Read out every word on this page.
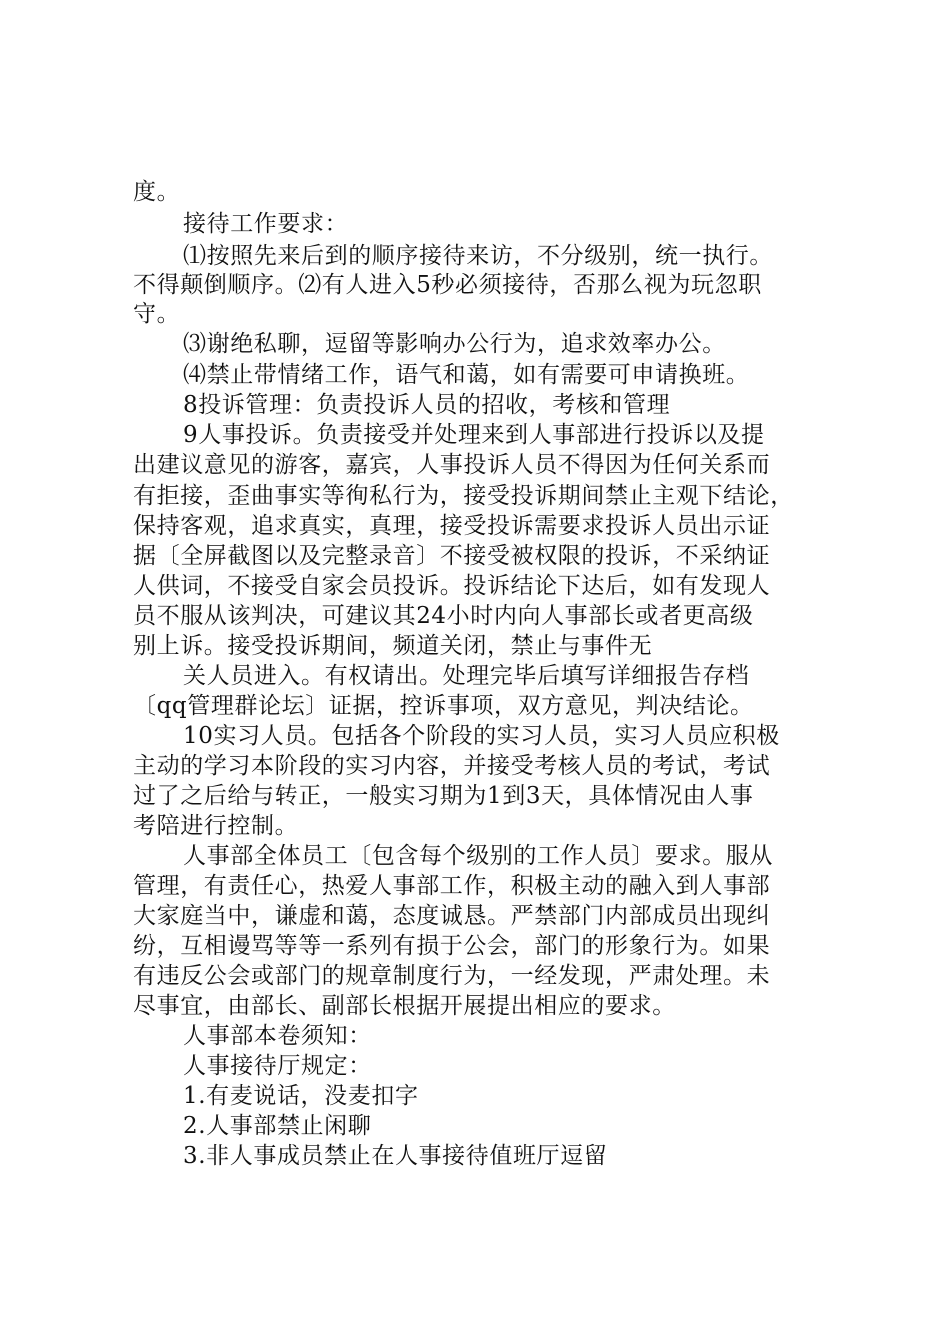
度。
接待工作要求：
⑴按照先来后到的顺序接待来访，不分级别，统一执行。
不得颠倒顺序。⑵有人进入5秒必须接待，否那么视为玩忽职
守。
⑶谢绝私聊，逗留等影响办公行为，追求效率办公。
⑷禁止带情绪工作，语气和蔼，如有需要可申请换班。
8投诉管理：负责投诉人员的招收，考核和管理
9人事投诉。负责接受并处理来到人事部进行投诉以及提
出建议意见的游客，嘉宾，人事投诉人员不得因为任何关系而
有拒接，歪曲事实等徇私行为，接受投诉期间禁止主观下结论，
保持客观，追求真实，真理，接受投诉需要求投诉人员出示证
据〔全屏截图以及完整录音〕不接受被权限的投诉，不采纳证
人供词，不接受自家会员投诉。投诉结论下达后，如有发现人
员不服从该判决，可建议其24小时内向人事部长或者更高级
别上诉。接受投诉期间，频道关闭，禁止与事件无
关人员进入。有权请出。处理完毕后填写详细报告存档
〔qq管理群论坛〕证据，控诉事项，双方意见，判决结论。
10实习人员。包括各个阶段的实习人员，实习人员应积极
主动的学习本阶段的实习内容，并接受考核人员的考试，考试
过了之后给与转正，一般实习期为1到3天，具体情况由人事
考陪进行控制。
人事部全体员工〔包含每个级别的工作人员〕要求。服从
管理，有责任心，热爱人事部工作，积极主动的融入到人事部
大家庭当中，谦虚和蔼，态度诚恳。严禁部门内部成员出现纠
纷，互相谩骂等等一系列有损于公会，部门的形象行为。如果
有违反公会或部门的规章制度行为，一经发现，严肃处理。未
尽事宜，由部长、副部长根据开展提出相应的要求。
人事部本卷须知：
人事接待厅规定：
1.有麦说话，没麦扣字
2.人事部禁止闲聊
3.非人事成员禁止在人事接待值班厅逗留
